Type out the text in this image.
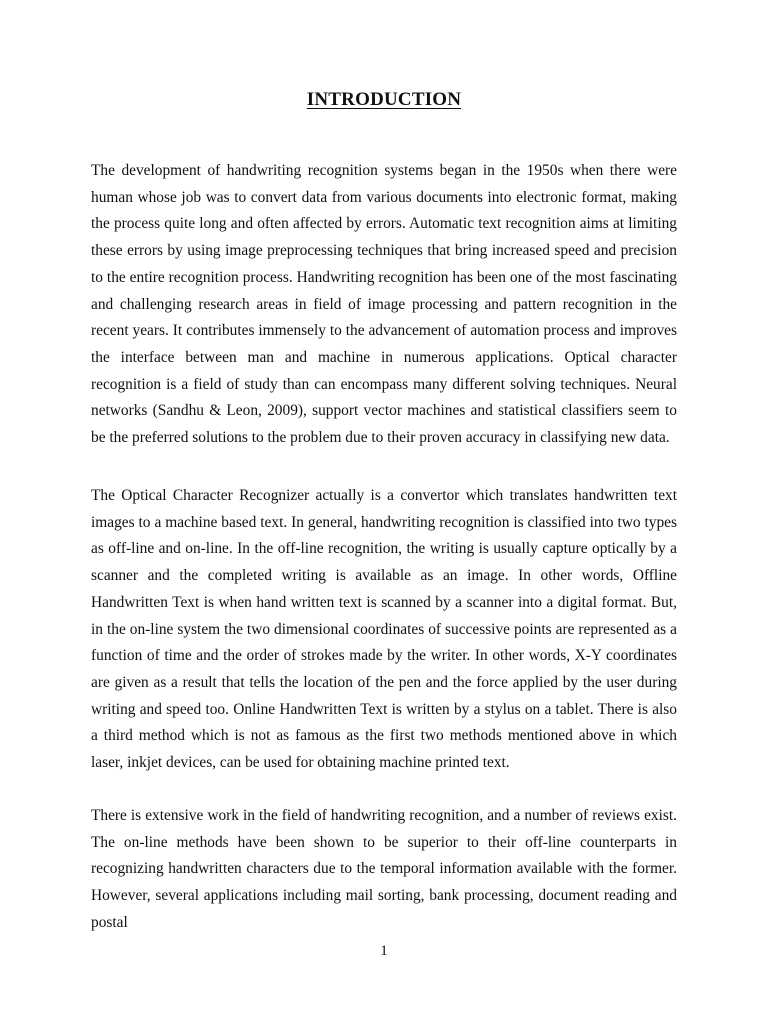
INTRODUCTION

The development of handwriting recognition systems began in the 1950s when there were human whose job was to convert data from various documents into electronic format, making the process quite long and often affected by errors. Automatic text recognition aims at limiting these errors by using image preprocessing techniques that bring increased speed and precision to the entire recognition process. Handwriting recognition has been one of the most fascinating and challenging research areas in field of image processing and pattern recognition in the recent years. It contributes immensely to the advancement of automation process and improves the interface between man and machine in numerous applications. Optical character recognition is a field of study than can encompass many different solving techniques. Neural networks (Sandhu & Leon, 2009), support vector machines and statistical classifiers seem to be the preferred solutions to the problem due to their proven accuracy in classifying new data.

The Optical Character Recognizer actually is a convertor which translates handwritten text images to a machine based text. In general, handwriting recognition is classified into two types as off-line and on-line. In the off-line recognition, the writing is usually capture optically by a scanner and the completed writing is available as an image. In other words, Offline Handwritten Text is when hand written text is scanned by a scanner into a digital format. But, in the on-line system the two dimensional coordinates of successive points are represented as a function of time and the order of strokes made by the writer. In other words, X-Y coordinates are given as a result that tells the location of the pen and the force applied by the user during writing and speed too. Online Handwritten Text is written by a stylus on a tablet. There is also a third method which is not as famous as the first two methods mentioned above in which laser, inkjet devices, can be used for obtaining machine printed text.

There is extensive work in the field of handwriting recognition, and a number of reviews exist. The on-line methods have been shown to be superior to their off-line counterparts in recognizing handwritten characters due to the temporal information available with the former. However, several applications including mail sorting, bank processing, document reading and postal

1
